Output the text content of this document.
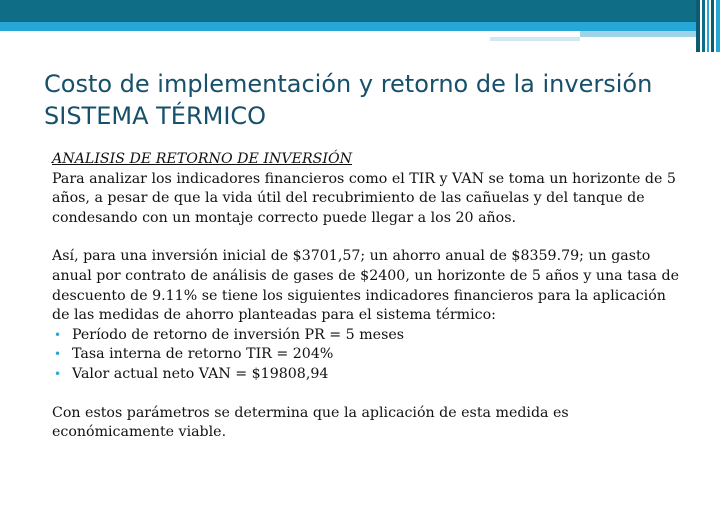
Costo de implementación y retorno de la inversión
SISTEMA TÉRMICO
ANALISIS DE RETORNO DE INVERSIÓN

Para analizar los indicadores financieros como el TIR y VAN se toma un horizonte de 5 años, a pesar de que la vida útil del recubrimiento de las cañuelas y del tanque de condesando con un montaje correcto puede llegar a los 20 años.

Así, para una inversión inicial de $3701,57; un ahorro anual de $8359.79; un gasto anual por contrato de análisis de gases de $2400, un horizonte de 5 años y una tasa de descuento de 9.11% se tiene los siguientes indicadores financieros para la aplicación de las medidas de ahorro planteadas para el sistema térmico:

• Período de retorno de inversión PR = 5 meses
• Tasa interna de retorno TIR = 204%
• Valor actual neto VAN = $19808,94

Con estos parámetros se determina que la aplicación de esta medida es económicamente viable.
